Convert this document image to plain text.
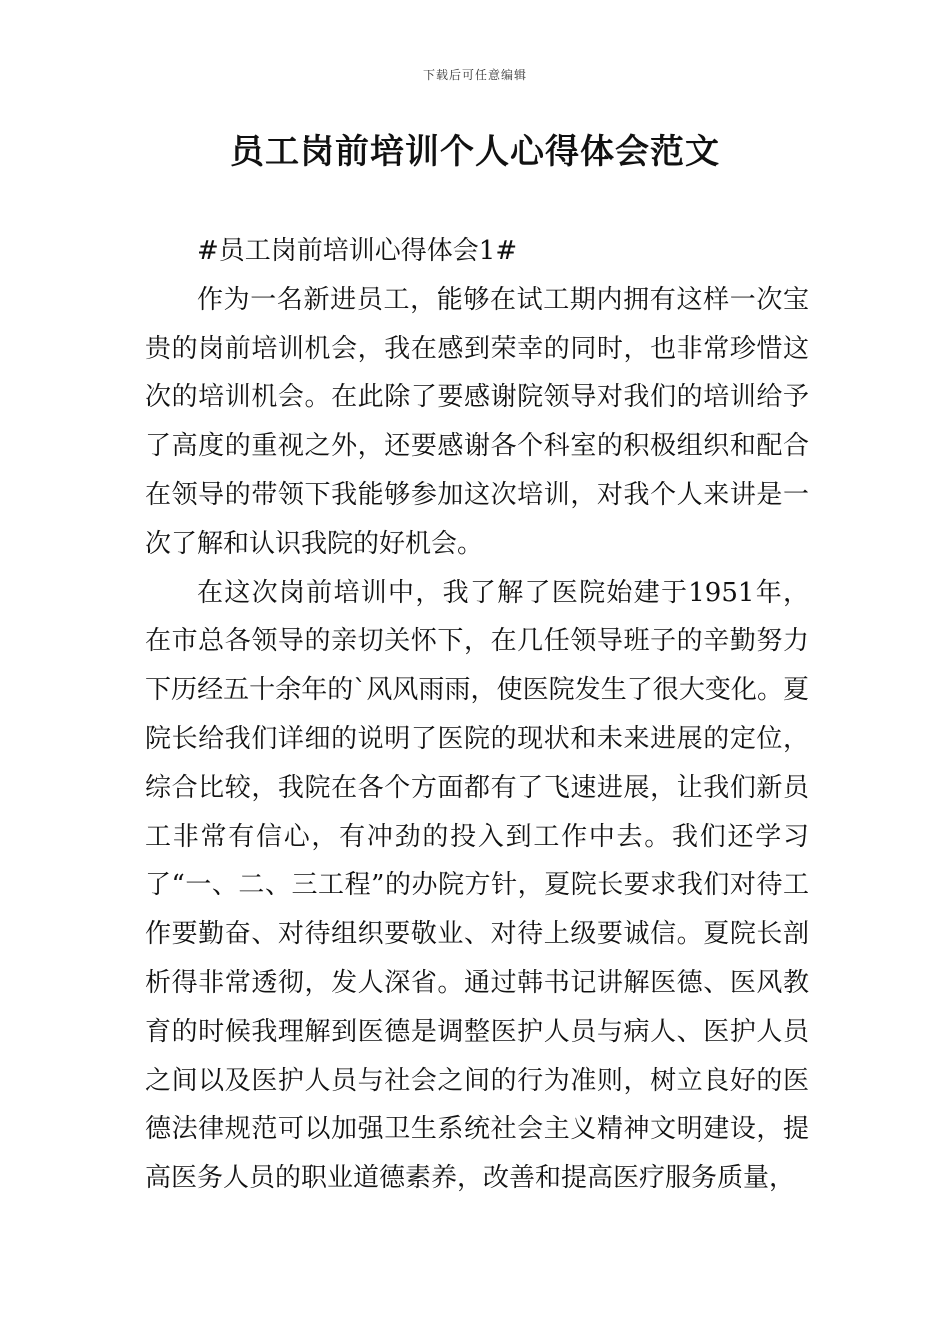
下载后可任意编辑
员工岗前培训个人心得体会范文

#员工岗前培训心得体会1#

作为一名新进员工，能够在试工期内拥有这样一次宝贵的岗前培训机会，我在感到荣幸的同时，也非常珍惜这次的培训机会。在此除了要感谢院领导对我们的培训给予了高度的重视之外，还要感谢各个科室的积极组织和配合在领导的带领下我能够参加这次培训，对我个人来讲是一次了解和认识我院的好机会。

在这次岗前培训中，我了解了医院始建于1951年，在市总各领导的亲切关怀下，在几任领导班子的辛勤努力下历经五十余年的`风风雨雨，使医院发生了很大变化。夏院长给我们详细的说明了医院的现状和未来进展的定位，综合比较，我院在各个方面都有了飞速进展，让我们新员工非常有信心，有冲劲的投入到工作中去。我们还学习了“一、二、三工程”的办院方针，夏院长要求我们对待工作要勤奋、对待组织要敬业、对待上级要诚信。夏院长剖析得非常透彻，发人深省。通过韩书记讲解医德、医风教育的时候我理解到医德是调整医护人员与病人、医护人员之间以及医护人员与社会之间的行为准则，树立良好的医德法律规范可以加强卫生系统社会主义精神文明建设，提高医务人员的职业道德素养，改善和提高医疗服务质量，
